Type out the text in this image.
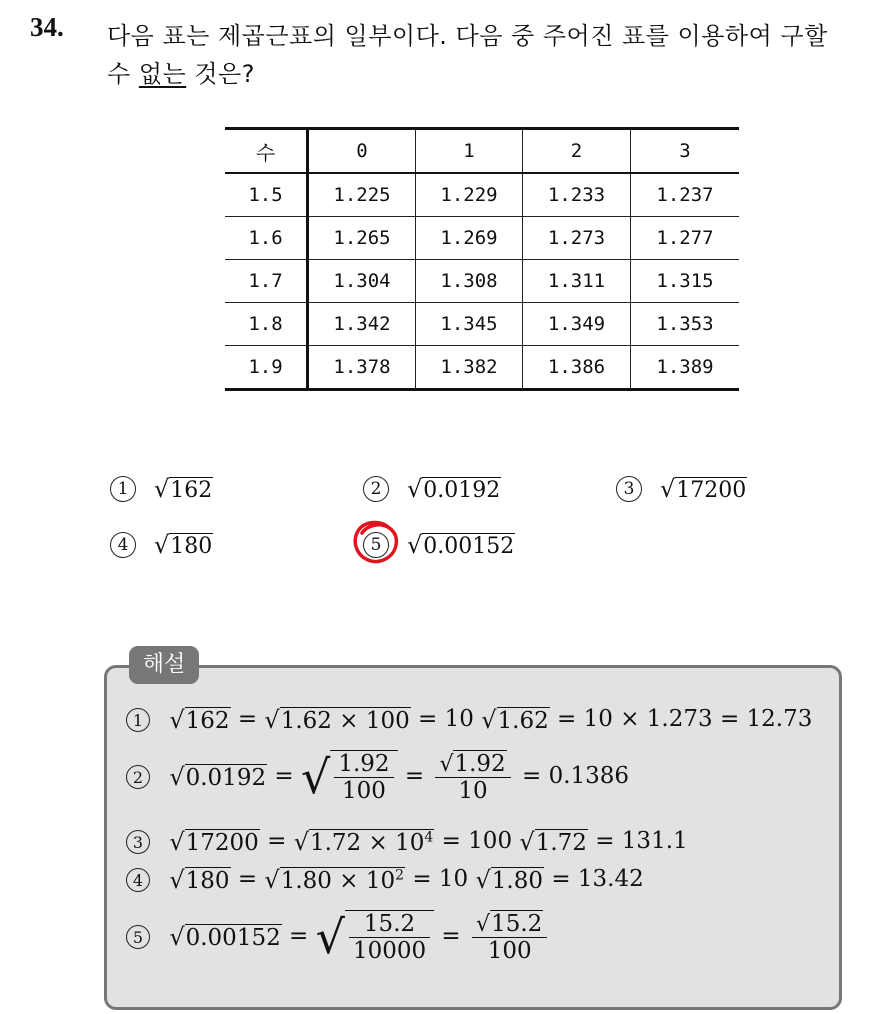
34. 다음 표는 제곱근표의 일부이다. 다음 중 주어진 표를 이용하여 구할
수 없는 것은?
수	0	1	2	3
1.5	1.225	1.229	1.233	1.237
1.6	1.265	1.269	1.273	1.277
1.7	1.304	1.308	1.311	1.315
1.8	1.342	1.345	1.349	1.353
1.9	1.378	1.382	1.386	1.389
1 √162	2 √0.0192	3 √17200
4 √180	5 √0.00152
해설
1 √162 = √1.62 × 100 = 10 √1.62 = 10 × 1.273 = 12.73
2 √0.0192 = √ $\frac{1.92}{100} = \frac{√1.92}{10} = 0.1386$
3 $√17200 = √1.72 \times 10^4 = 100$ √1.72 = 131.1
4 $√180 = √1.80 \times 10^2 = 10$ √1.80 = 13.42
5 √0.00152 = √ $\frac{15.2}{10000} = \frac{√15.2}{100}$
